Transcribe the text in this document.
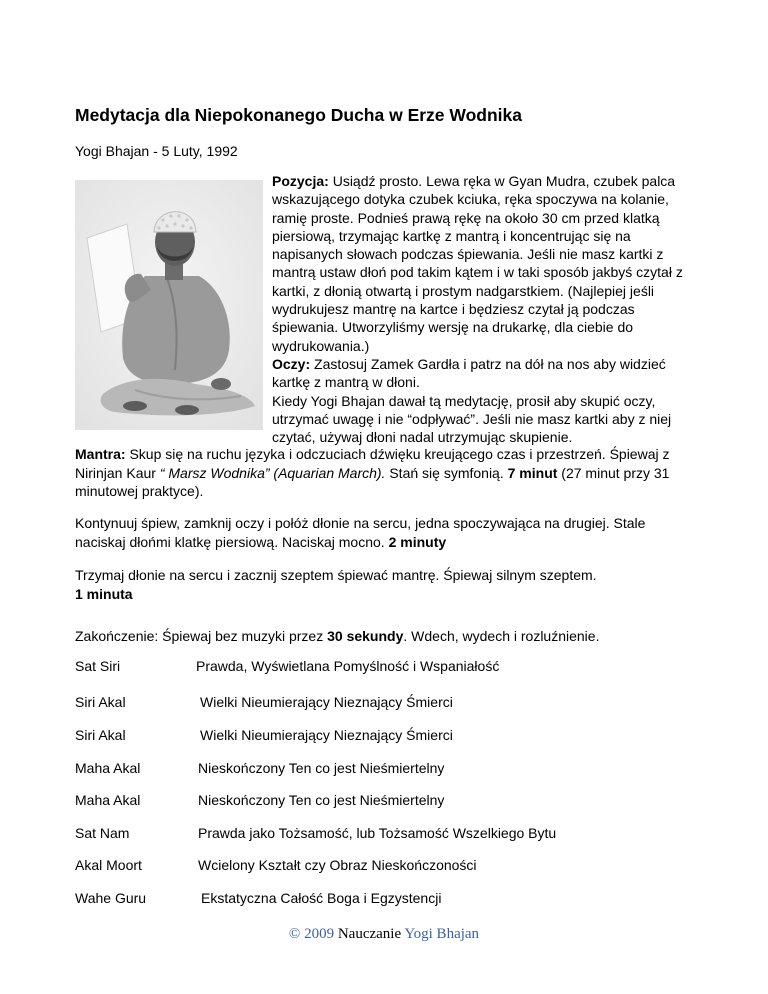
Medytacja dla Niepokonanego Ducha w Erze Wodnika
Yogi Bhajan - 5 Luty, 1992
Pozycja: Usiądź prosto. Lewa ręka w Gyan Mudra, czubek palca wskazującego dotyka czubek kciuka, ręka spoczywa na kolanie, ramię proste. Podnieś prawą rękę na około 30 cm przed klatką piersiową, trzymając kartkę z mantrą i koncentrując się na napisanych słowach podczas śpiewania. Jeśli nie masz kartki z mantrą ustaw dłoń pod takim kątem i w taki sposób jakbyś czytał z kartki, z dłonią otwartą i prostym nadgarstkiem. (Najlepiej jeśli wydrukujesz mantrę na kartce i będziesz czytał ją podczas śpiewania. Utworzyliśmy wersję na drukarkę, dla ciebie do wydrukowania.)
Oczy: Zastosuj Zamek Gardła i patrz na dół na nos aby widzieć kartkę z mantrą w dłoni.
Kiedy Yogi Bhajan dawał tą medytację, prosił aby skupić oczy, utrzymać uwagę i nie “odpływać”. Jeśli nie masz kartki aby z niej czytać, używaj dłoni nadal utrzymując skupienie.
Mantra: Skup się na ruchu języka i odczuciach dźwięku kreującego czas i przestrzeń. Śpiewaj z Nirinjan Kaur “ Marsz Wodnika” (Aquarian March). Stań się symfonią. 7 minut (27 minut przy 31 minutowej praktyce).
Kontynuuj śpiew, zamknij oczy i połóż dłonie na sercu, jedna spoczywająca na drugiej. Stale naciskaj dłońmi klatkę piersiową. Naciskaj mocno. 2 minuty
Trzymaj dłonie na sercu i zacznij szeptem śpiewać mantrę. Śpiewaj silnym szeptem.
1 minuta
Zakończenie: Śpiewaj bez muzyki przez 30 sekundy. Wdech, wydech i rozluźnienie.
Sat Siri	Prawda, Wyświetlana Pomyślność i Wspaniałość
Siri Akal	Wielki Nieumierający Nieznający Śmierci
Siri Akal	Wielki Nieumierający Nieznający Śmierci
Maha Akal	Nieskończony Ten co jest Nieśmiertelny
Maha Akal	Nieskończony Ten co jest Nieśmiertelny
Sat Nam	Prawda jako Tożsamość, lub Tożsamość Wszelkiego Bytu
Akal Moort	Wcielony Kształt czy Obraz Nieskończoności
Wahe Guru	Ekstatyczna Całość Boga i Egzystencji
© 2009 Nauczanie Yogi Bhajan
